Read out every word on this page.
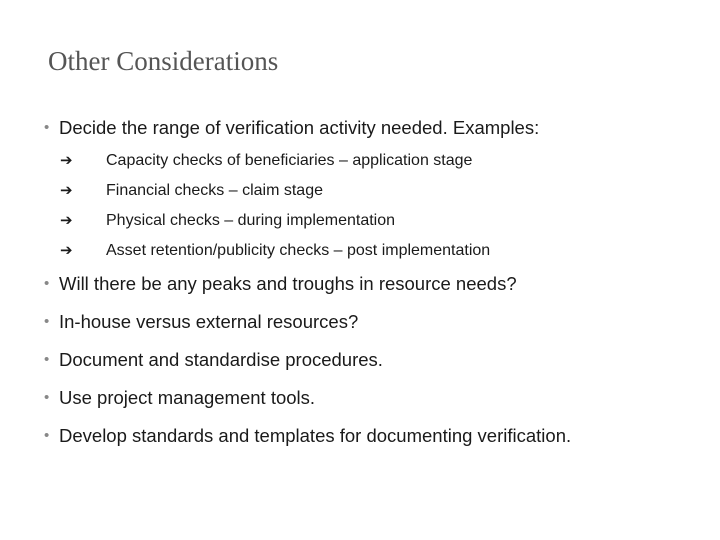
Other Considerations
• Decide the range of verification activity needed. Examples:
➔ Capacity checks of beneficiaries – application stage
➔ Financial checks – claim stage
➔ Physical checks – during implementation
➔ Asset retention/publicity checks – post implementation
• Will there be any peaks and troughs in resource needs?
• In-house versus external resources?
• Document and standardise procedures.
• Use project management tools.
• Develop standards and templates for documenting verification.
